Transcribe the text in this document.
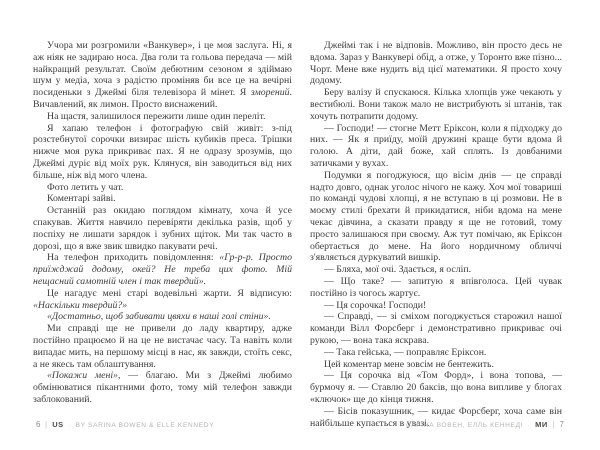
Учора ми розгромили «Ванкувер», і це моя заслуга. Ні, я аж ніяк не задираю носа. Два голи та гольова передача — мій найкращий результат. Своїм дебютним сезоном я здіймаю шум у медіа, хоча з радістю проміняв би все це на вечірні посиденьки з Джеймі біля телевізора й мінет. Я зморений. Вичавлений, як лимон. Просто виснажений.

На щастя, залишилося пережити лише один переліт.

Я хапаю телефон і фотографую свій живіт: з-під розстебнутої сорочки визирає шість кубиків преса. Трішки нижче моя рука прикриває пах. Я не одразу зрозумів, що Джеймі дуріє від моїх рук. Клянуся, він заводиться від них більше, ніж від мого члена.

Фото летить у чат.

Коментарі зайві.

Останній раз окидаю поглядом кімнату, хоча й усе спакував. Життя навчило перевіряти декілька разів, щоб у поспіху не лишати зарядок і зубних щіток. Ми так часто в дорозі, що я вже звик швидко пакувати речі.

На телефон приходить повідомлення: «Гр-р-р. Просто приїжджай додому, окей? Не треба цих фото. Мій нещасний самотній член і так твердий».

Це нагадує мені старі водевільні жарти. Я відписую: «Наскільки твердий?»

«Достатньо, щоб забивати цвяхи в наші голі стіни».

Ми справді ще не привели до ладу квартиру, адже постійно працюємо й на це не вистачає часу. Та навіть коли випадає мить, на першому місці в нас, як завжди, стоїть секс, а не якесь там облаштування.

«Покажи мені», — благаю. Ми з Джеймі любимо обмінюватися пікантними фото, тому мій телефон завжди заблокований.

6 | US · BY SARINA BOWEN & ELLE KENNEDY

Джеймі так і не відповів. Можливо, він просто десь не вдома. Зараз у Ванкувері обід, а отже, у Торонто вже пізно... Чорт. Мене вже нудить від цієї математики. Я просто хочу додому.

Беру валізу й спускаюся. Кілька хлопців уже чекають у вестибюлі. Вони також мало не вистрибують зі штанів, так хочуть потрапити додому.

— Господи! — стогне Метт Еріксон, коли я підходжу до них. — Як я приїду, моїй дружині краще бути вдома й голою. А діти, дай боже, хай сплять. Із довбаними затичками у вухах.

Подумки я погоджуюся, що вісім днів — це справді надто довго, однак уголос нічого не кажу. Хоч мої товариші по команді чудові хлопці, я не вступаю в ці розмови. Не в моєму стилі брехати й прикидатися, ніби вдома на мене чекає дівчина, а сказати правду я ще не готовий, тому просто залишаюся при своєму. Аж тут помічаю, як Еріксон обертається до мене. На його нордичному обличчі з'являється дуркуватий вишкір.

— Бляха, мої очі. Здається, я осліп.

— Що таке? — запитую я впівголоса. Цей чувак постійно із чогось жартує.

— Ця сорочка! Господи!

— Справді, — зі сміхом погоджується старожил нашої команди Вілл Форсберг і демонстративно прикриває очі рукою, — вона така яскрава.

— Така гейська, — поправляє Еріксон.

Цей коментар мене зовсім не бентежить.

— Ця сорочка від «Том Форд», і вона топова, — бурмочу я. — Ставлю 20 баксів, що вона випливе у блогах «ключок» ще до кінця тижня.

— Бісів показушник, — кидає Форсберг, хоча саме він найбільше купається в увазі.

САРІНА ВОВЕН, ЕЛЛЬ КЕННЕДІ · МИ | 7
